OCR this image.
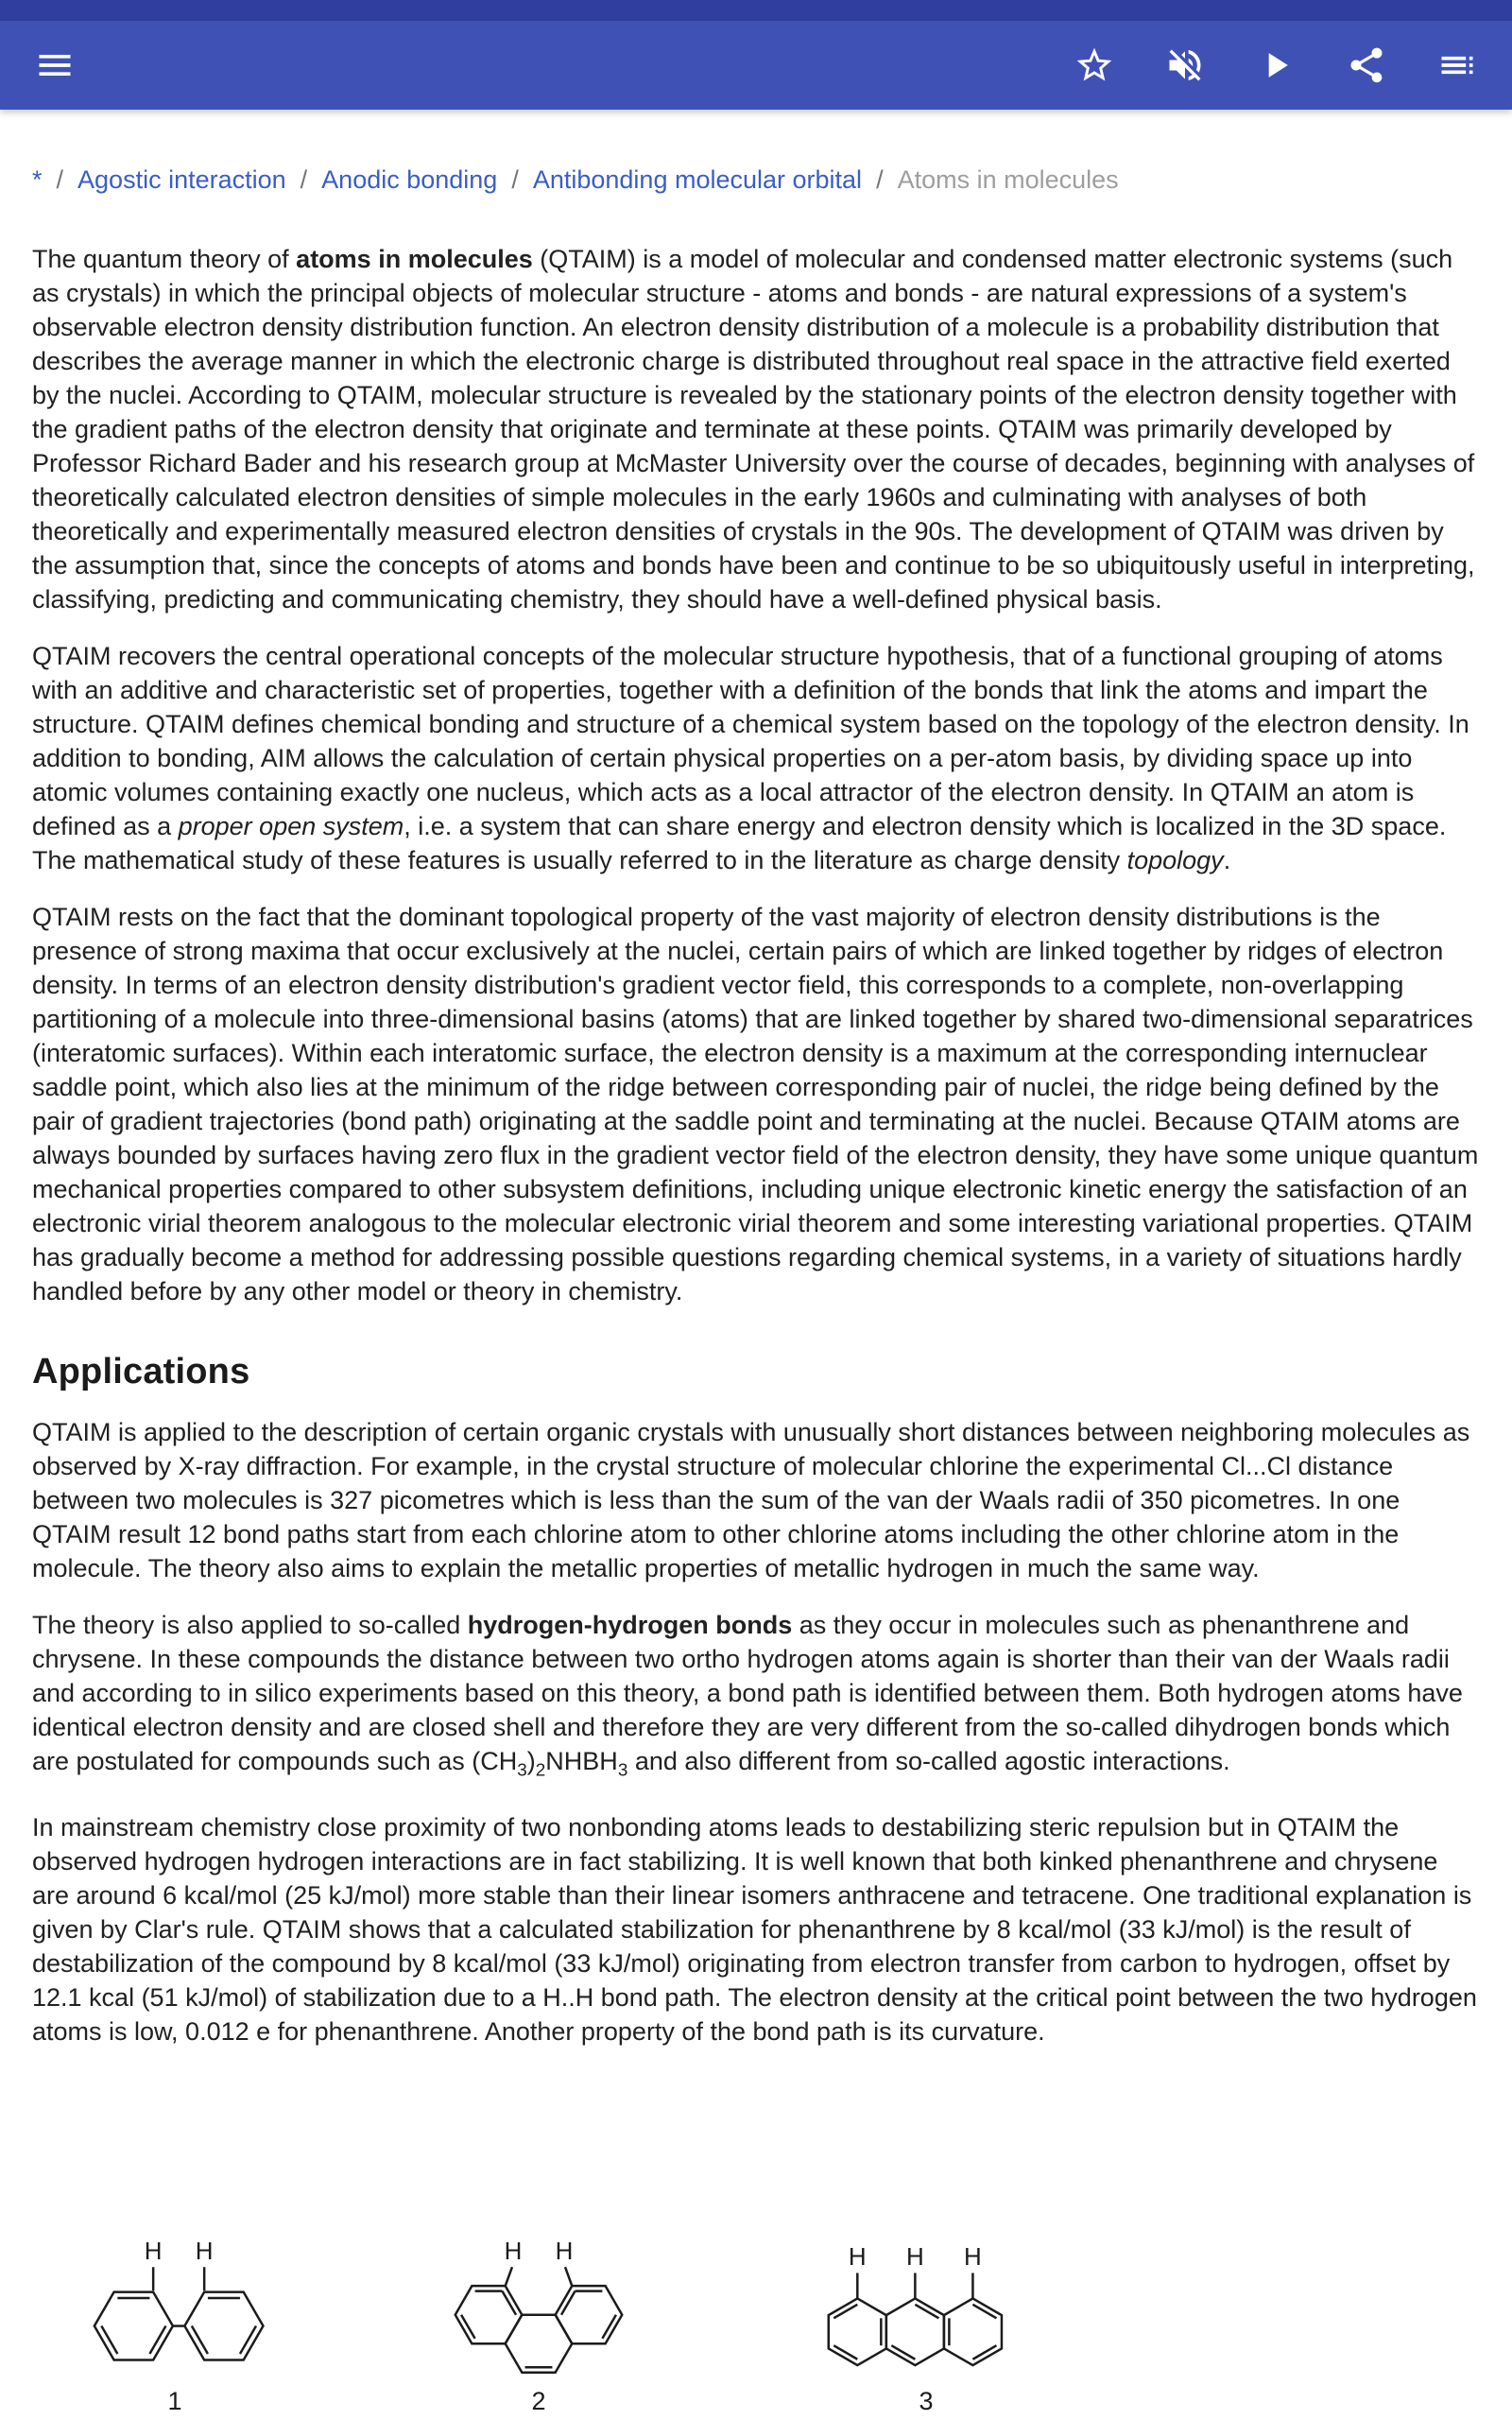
* / Agostic interaction / Anodic bonding / Antibonding molecular orbital / Atoms in molecules

The quantum theory of atoms in molecules (QTAIM) is a model of molecular and condensed matter electronic systems (such as crystals) in which the principal objects of molecular structure - atoms and bonds - are natural expressions of a system's observable electron density distribution function. An electron density distribution of a molecule is a probability distribution that describes the average manner in which the electronic charge is distributed throughout real space in the attractive field exerted by the nuclei. According to QTAIM, molecular structure is revealed by the stationary points of the electron density together with the gradient paths of the electron density that originate and terminate at these points. QTAIM was primarily developed by Professor Richard Bader and his research group at McMaster University over the course of decades, beginning with analyses of theoretically calculated electron densities of simple molecules in the early 1960s and culminating with analyses of both theoretically and experimentally measured electron densities of crystals in the 90s. The development of QTAIM was driven by the assumption that, since the concepts of atoms and bonds have been and continue to be so ubiquitously useful in interpreting, classifying, predicting and communicating chemistry, they should have a well-defined physical basis.

QTAIM recovers the central operational concepts of the molecular structure hypothesis, that of a functional grouping of atoms with an additive and characteristic set of properties, together with a definition of the bonds that link the atoms and impart the structure. QTAIM defines chemical bonding and structure of a chemical system based on the topology of the electron density. In addition to bonding, AIM allows the calculation of certain physical properties on a per-atom basis, by dividing space up into atomic volumes containing exactly one nucleus, which acts as a local attractor of the electron density. In QTAIM an atom is defined as a proper open system, i.e. a system that can share energy and electron density which is localized in the 3D space. The mathematical study of these features is usually referred to in the literature as charge density topology.

QTAIM rests on the fact that the dominant topological property of the vast majority of electron density distributions is the presence of strong maxima that occur exclusively at the nuclei, certain pairs of which are linked together by ridges of electron density. In terms of an electron density distribution's gradient vector field, this corresponds to a complete, non-overlapping partitioning of a molecule into three-dimensional basins (atoms) that are linked together by shared two-dimensional separatrices (interatomic surfaces). Within each interatomic surface, the electron density is a maximum at the corresponding internuclear saddle point, which also lies at the minimum of the ridge between corresponding pair of nuclei, the ridge being defined by the pair of gradient trajectories (bond path) originating at the saddle point and terminating at the nuclei. Because QTAIM atoms are always bounded by surfaces having zero flux in the gradient vector field of the electron density, they have some unique quantum mechanical properties compared to other subsystem definitions, including unique electronic kinetic energy the satisfaction of an electronic virial theorem analogous to the molecular electronic virial theorem and some interesting variational properties. QTAIM has gradually become a method for addressing possible questions regarding chemical systems, in a variety of situations hardly handled before by any other model or theory in chemistry.

Applications

QTAIM is applied to the description of certain organic crystals with unusually short distances between neighboring molecules as observed by X-ray diffraction. For example, in the crystal structure of molecular chlorine the experimental Cl...Cl distance between two molecules is 327 picometres which is less than the sum of the van der Waals radii of 350 picometres. In one QTAIM result 12 bond paths start from each chlorine atom to other chlorine atoms including the other chlorine atom in the molecule. The theory also aims to explain the metallic properties of metallic hydrogen in much the same way.

The theory is also applied to so-called hydrogen-hydrogen bonds as they occur in molecules such as phenanthrene and chrysene. In these compounds the distance between two ortho hydrogen atoms again is shorter than their van der Waals radii and according to in silico experiments based on this theory, a bond path is identified between them. Both hydrogen atoms have identical electron density and are closed shell and therefore they are very different from the so-called dihydrogen bonds which are postulated for compounds such as $(CH_3)_2NHBH_3$ and also different from so-called agostic interactions.

In mainstream chemistry close proximity of two nonbonding atoms leads to destabilizing steric repulsion but in QTAIM the observed hydrogen hydrogen interactions are in fact stabilizing. It is well known that both kinked phenanthrene and chrysene are around 6 kcal/mol (25 kJ/mol) more stable than their linear isomers anthracene and tetracene. One traditional explanation is given by Clar's rule. QTAIM shows that a calculated stabilization for phenanthrene by 8 kcal/mol (33 kJ/mol) is the result of destabilization of the compound by 8 kcal/mol (33 kJ/mol) originating from electron transfer from carbon to hydrogen, offset by 12.1 kcal (51 kJ/mol) of stabilization due to a H..H bond path. The electron density at the critical point between the two hydrogen atoms is low, 0.012 e for phenanthrene. Another property of the bond path is its curvature.

H H
1
H H
2
H H H
3
